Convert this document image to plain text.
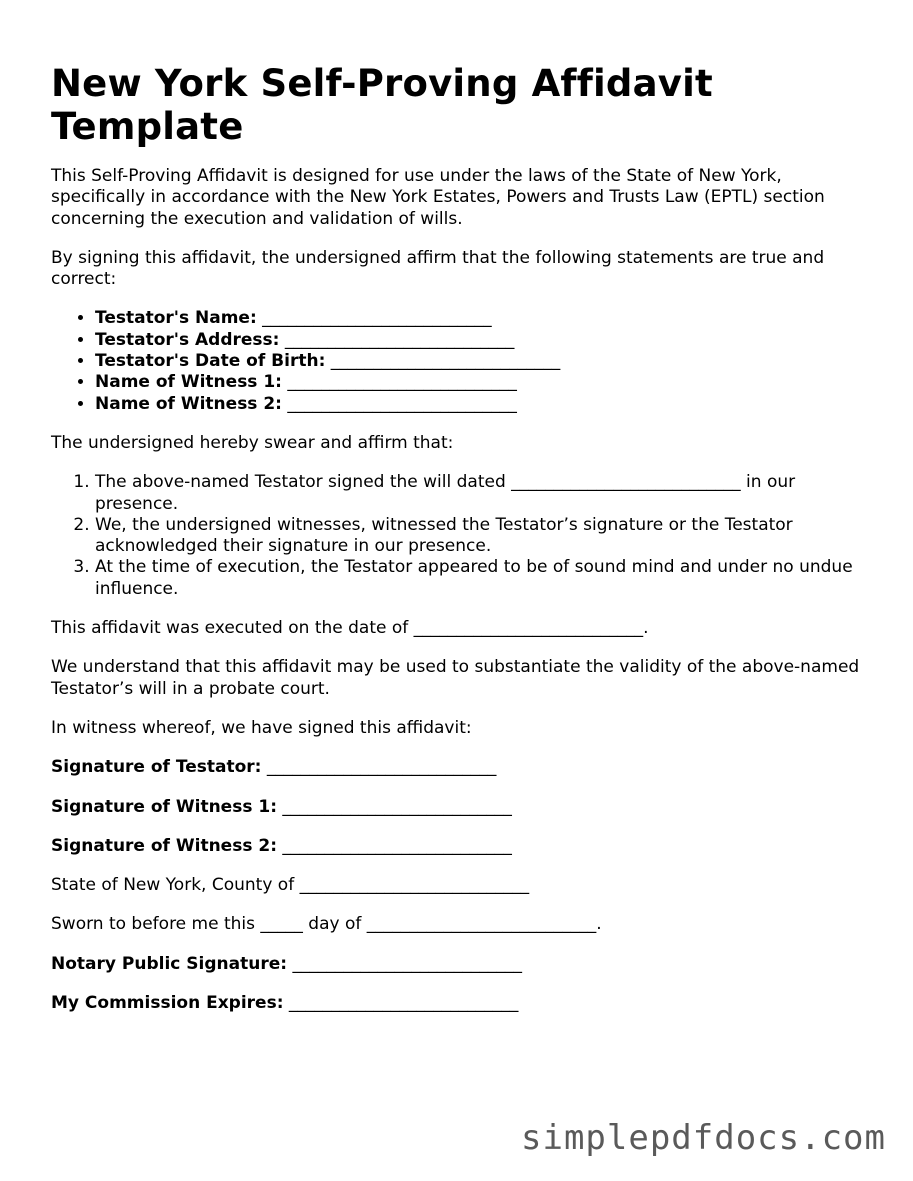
New York Self-Proving Affidavit Template

This Self-Proving Affidavit is designed for use under the laws of the State of New York, specifically in accordance with the New York Estates, Powers and Trusts Law (EPTL) section concerning the execution and validation of wills.

By signing this affidavit, the undersigned affirm that the following statements are true and correct:

• Testator's Name: ___________________________
• Testator's Address: ___________________________
• Testator's Date of Birth: ___________________________
• Name of Witness 1: ___________________________
• Name of Witness 2: ___________________________

The undersigned hereby swear and affirm that:

1. The above-named Testator signed the will dated ___________________________ in our presence.
2. We, the undersigned witnesses, witnessed the Testator’s signature or the Testator acknowledged their signature in our presence.
3. At the time of execution, the Testator appeared to be of sound mind and under no undue influence.

This affidavit was executed on the date of ___________________________.

We understand that this affidavit may be used to substantiate the validity of the above-named Testator’s will in a probate court.

In witness whereof, we have signed this affidavit:

Signature of Testator: ___________________________

Signature of Witness 1: ___________________________

Signature of Witness 2: ___________________________

State of New York, County of ___________________________

Sworn to before me this _____ day of ___________________________.

Notary Public Signature: ___________________________

My Commission Expires: ___________________________

simplepdfdocs.com
